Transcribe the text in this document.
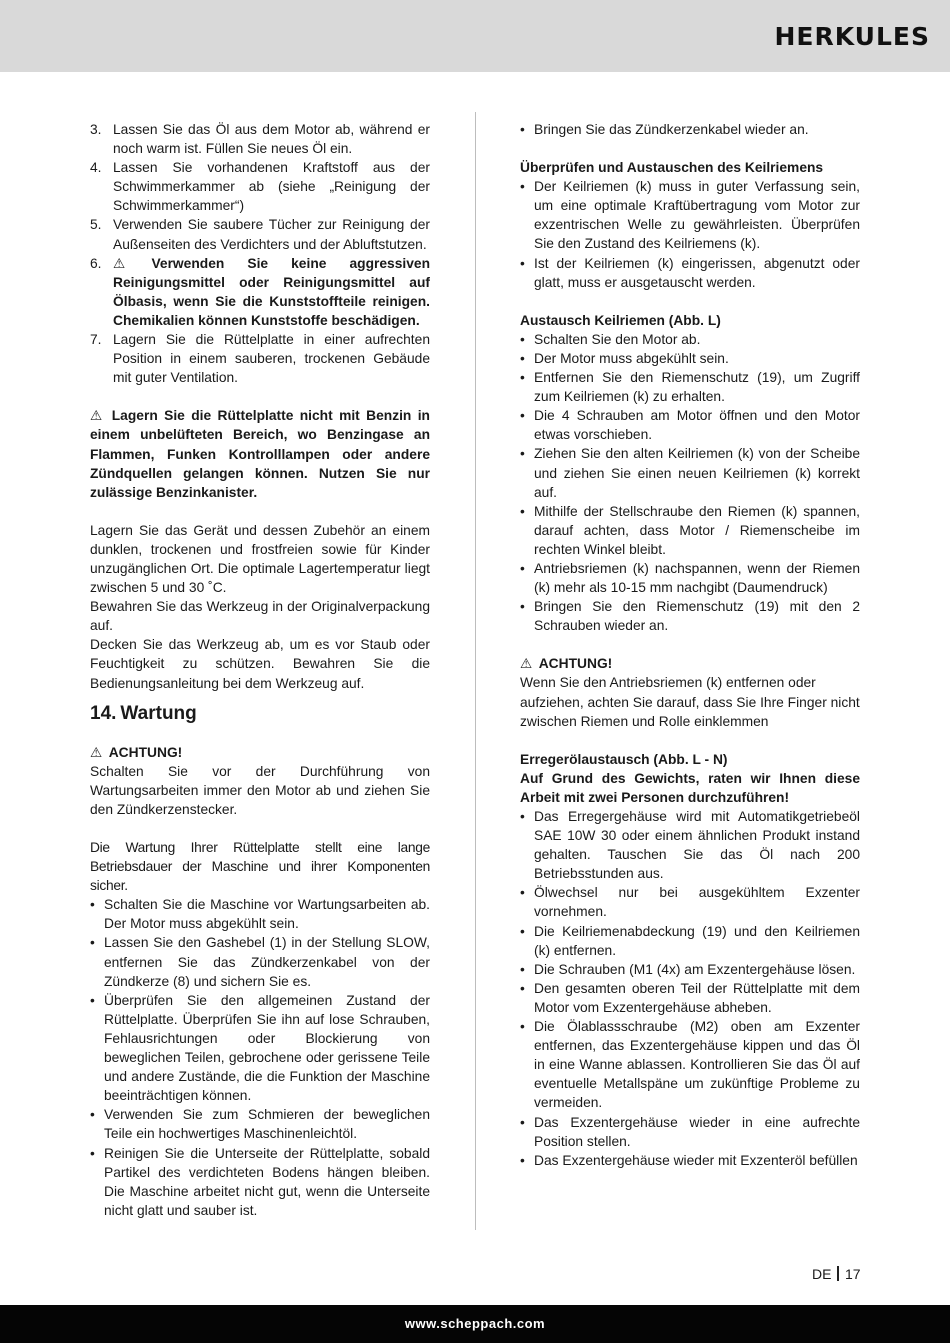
HERKULES
3. Lassen Sie das Öl aus dem Motor ab, während er noch warm ist. Füllen Sie neues Öl ein.
4. Lassen Sie vorhandenen Kraftstoff aus der Schwimmerkammer ab (siehe „Reinigung der Schwimmerkammer“)
5. Verwenden Sie saubere Tücher zur Reinigung der Außenseiten des Verdichters und der Abluftstutzen.
6. ⚠ Verwenden Sie keine aggressiven Reinigungsmittel oder Reinigungsmittel auf Ölbasis, wenn Sie die Kunststoffteile reinigen. Chemikalien können Kunststoffe beschädigen.
7. Lagern Sie die Rüttelplatte in einer aufrechten Position in einem sauberen, trockenen Gebäude mit guter Ventilation.

⚠ Lagern Sie die Rüttelplatte nicht mit Benzin in einem unbelüfteten Bereich, wo Benzingase an Flammen, Funken Kontrolllampen oder andere Zündquellen gelangen können. Nutzen Sie nur zulässige Benzinkanister.

Lagern Sie das Gerät und dessen Zubehör an einem dunklen, trockenen und frostfreien sowie für Kinder unzugänglichen Ort. Die optimale Lagertemperatur liegt zwischen 5 und 30 ˚C.

Bewahren Sie das Werkzeug in der Originalverpackung auf.

Decken Sie das Werkzeug ab, um es vor Staub oder Feuchtigkeit zu schützen. Bewahren Sie die Bedienungsanleitung bei dem Werkzeug auf.

14. Wartung

⚠ ACHTUNG!

Schalten Sie vor der Durchführung von Wartungsarbeiten immer den Motor ab und ziehen Sie den Zündkerzenstecker.

Die Wartung Ihrer Rüttelplatte stellt eine lange Betriebsdauer der Maschine und ihrer Komponenten sicher.

• Schalten Sie die Maschine vor Wartungsarbeiten ab. Der Motor muss abgekühlt sein.
• Lassen Sie den Gashebel (1) in der Stellung SLOW, entfernen Sie das Zündkerzenkabel von der Zündkerze (8) und sichern Sie es.
• Überprüfen Sie den allgemeinen Zustand der Rüttelplatte. Überprüfen Sie ihn auf lose Schrauben, Fehlausrichtungen oder Blockierung von beweglichen Teilen, gebrochene oder gerissene Teile und andere Zustände, die die Funktion der Maschine beeinträchtigen können.
• Verwenden Sie zum Schmieren der beweglichen Teile ein hochwertiges Maschinenleichtöl.
• Reinigen Sie die Unterseite der Rüttelplatte, sobald Partikel des verdichteten Bodens hängen bleiben. Die Maschine arbeitet nicht gut, wenn die Unterseite nicht glatt und sauber ist.
• Bringen Sie das Zündkerzenkabel wieder an.

Überprüfen und Austauschen des Keilriemens

• Der Keilriemen (k) muss in guter Verfassung sein, um eine optimale Kraftübertragung vom Motor zur exzentrischen Welle zu gewährleisten. Überprüfen Sie den Zustand des Keilriemens (k).
• Ist der Keilriemen (k) eingerissen, abgenutzt oder glatt, muss er ausgetauscht werden.

Austausch Keilriemen (Abb. L)

• Schalten Sie den Motor ab.
• Der Motor muss abgekühlt sein.
• Entfernen Sie den Riemenschutz (19), um Zugriff zum Keilriemen (k) zu erhalten.
• Die 4 Schrauben am Motor öffnen und den Motor etwas vorschieben.
• Ziehen Sie den alten Keilriemen (k) von der Scheibe und ziehen Sie einen neuen Keilriemen (k) korrekt auf.
• Mithilfe der Stellschraube den Riemen (k) spannen, darauf achten, dass Motor / Riemenscheibe im rechten Winkel bleibt.
• Antriebsriemen (k) nachspannen, wenn der Riemen (k) mehr als 10-15 mm nachgibt (Daumendruck)
• Bringen Sie den Riemenschutz (19) mit den 2 Schrauben wieder an.

⚠ ACHTUNG!

Wenn Sie den Antriebsriemen (k) entfernen oder aufziehen, achten Sie darauf, dass Sie Ihre Finger nicht zwischen Riemen und Rolle einklemmen

Erregerölaustausch (Abb. L - N)

Auf Grund des Gewichts, raten wir Ihnen diese Arbeit mit zwei Personen durchzuführen!

• Das Erregergehäuse wird mit Automatikgetriebeöl SAE 10W 30 oder einem ähnlichen Produkt instand gehalten. Tauschen Sie das Öl nach 200 Betriebsstunden aus.
• Ölwechsel nur bei ausgekühltem Exzenter vornehmen.
• Die Keilriemenabdeckung (19) und den Keilriemen (k) entfernen.
• Die Schrauben (M1 (4x) am Exzentergehäuse lösen.
• Den gesamten oberen Teil der Rüttelplatte mit dem Motor vom Exzentergehäuse abheben.
• Die Ölablassschraube (M2) oben am Exzenter entfernen, das Exzentergehäuse kippen und das Öl in eine Wanne ablassen. Kontrollieren Sie das Öl auf eventuelle Metallspäne um zukünftige Probleme zu vermeiden.
• Das Exzentergehäuse wieder in eine aufrechte Position stellen.
• Das Exzentergehäuse wieder mit Exzenteröl befüllen
DE 17
www.scheppach.com
